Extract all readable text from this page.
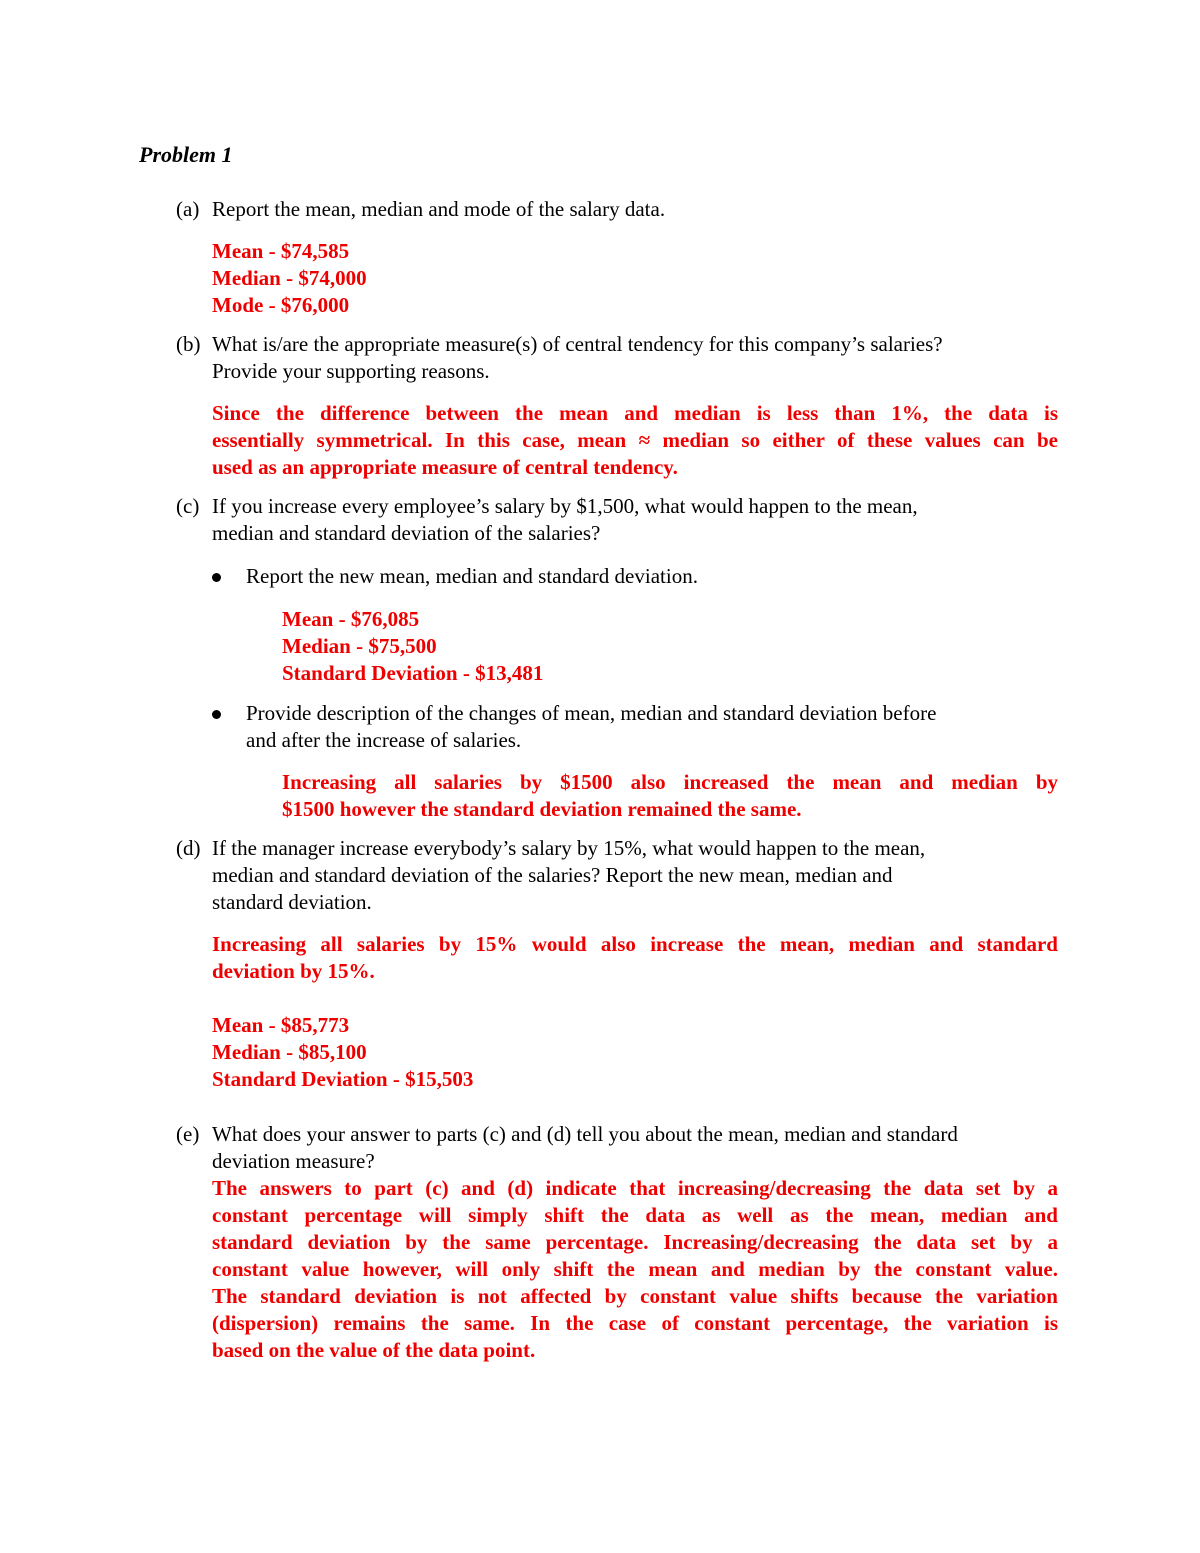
Problem 1
(a) Report the mean, median and mode of the salary data.
Mean - $74,585
Median - $74,000
Mode - $76,000
(b) What is/are the appropriate measure(s) of central tendency for this company’s salaries?
Provide your supporting reasons.
Since the difference between the mean and median is less than 1%, the data is
essentially symmetrical. In this case, mean ≈ median so either of these values can be
used as an appropriate measure of central tendency.
(c) If you increase every employee’s salary by $1,500, what would happen to the mean,
median and standard deviation of the salaries?
Report the new mean, median and standard deviation.
Mean - $76,085
Median - $75,500
Standard Deviation - $13,481
Provide description of the changes of mean, median and standard deviation before
and after the increase of salaries.
Increasing all salaries by $1500 also increased the mean and median by
$1500 however the standard deviation remained the same.
(d) If the manager increase everybody’s salary by 15%, what would happen to the mean,
median and standard deviation of the salaries? Report the new mean, median and
standard deviation.
Increasing all salaries by 15% would also increase the mean, median and standard
deviation by 15%.
Mean - $85,773
Median - $85,100
Standard Deviation - $15,503
(e) What does your answer to parts (c) and (d) tell you about the mean, median and standard
deviation measure?
The answers to part (c) and (d) indicate that increasing/decreasing the data set by a
constant percentage will simply shift the data as well as the mean, median and
standard deviation by the same percentage. Increasing/decreasing the data set by a
constant value however, will only shift the mean and median by the constant value.
The standard deviation is not affected by constant value shifts because the variation
(dispersion) remains the same. In the case of constant percentage, the variation is
based on the value of the data point.
